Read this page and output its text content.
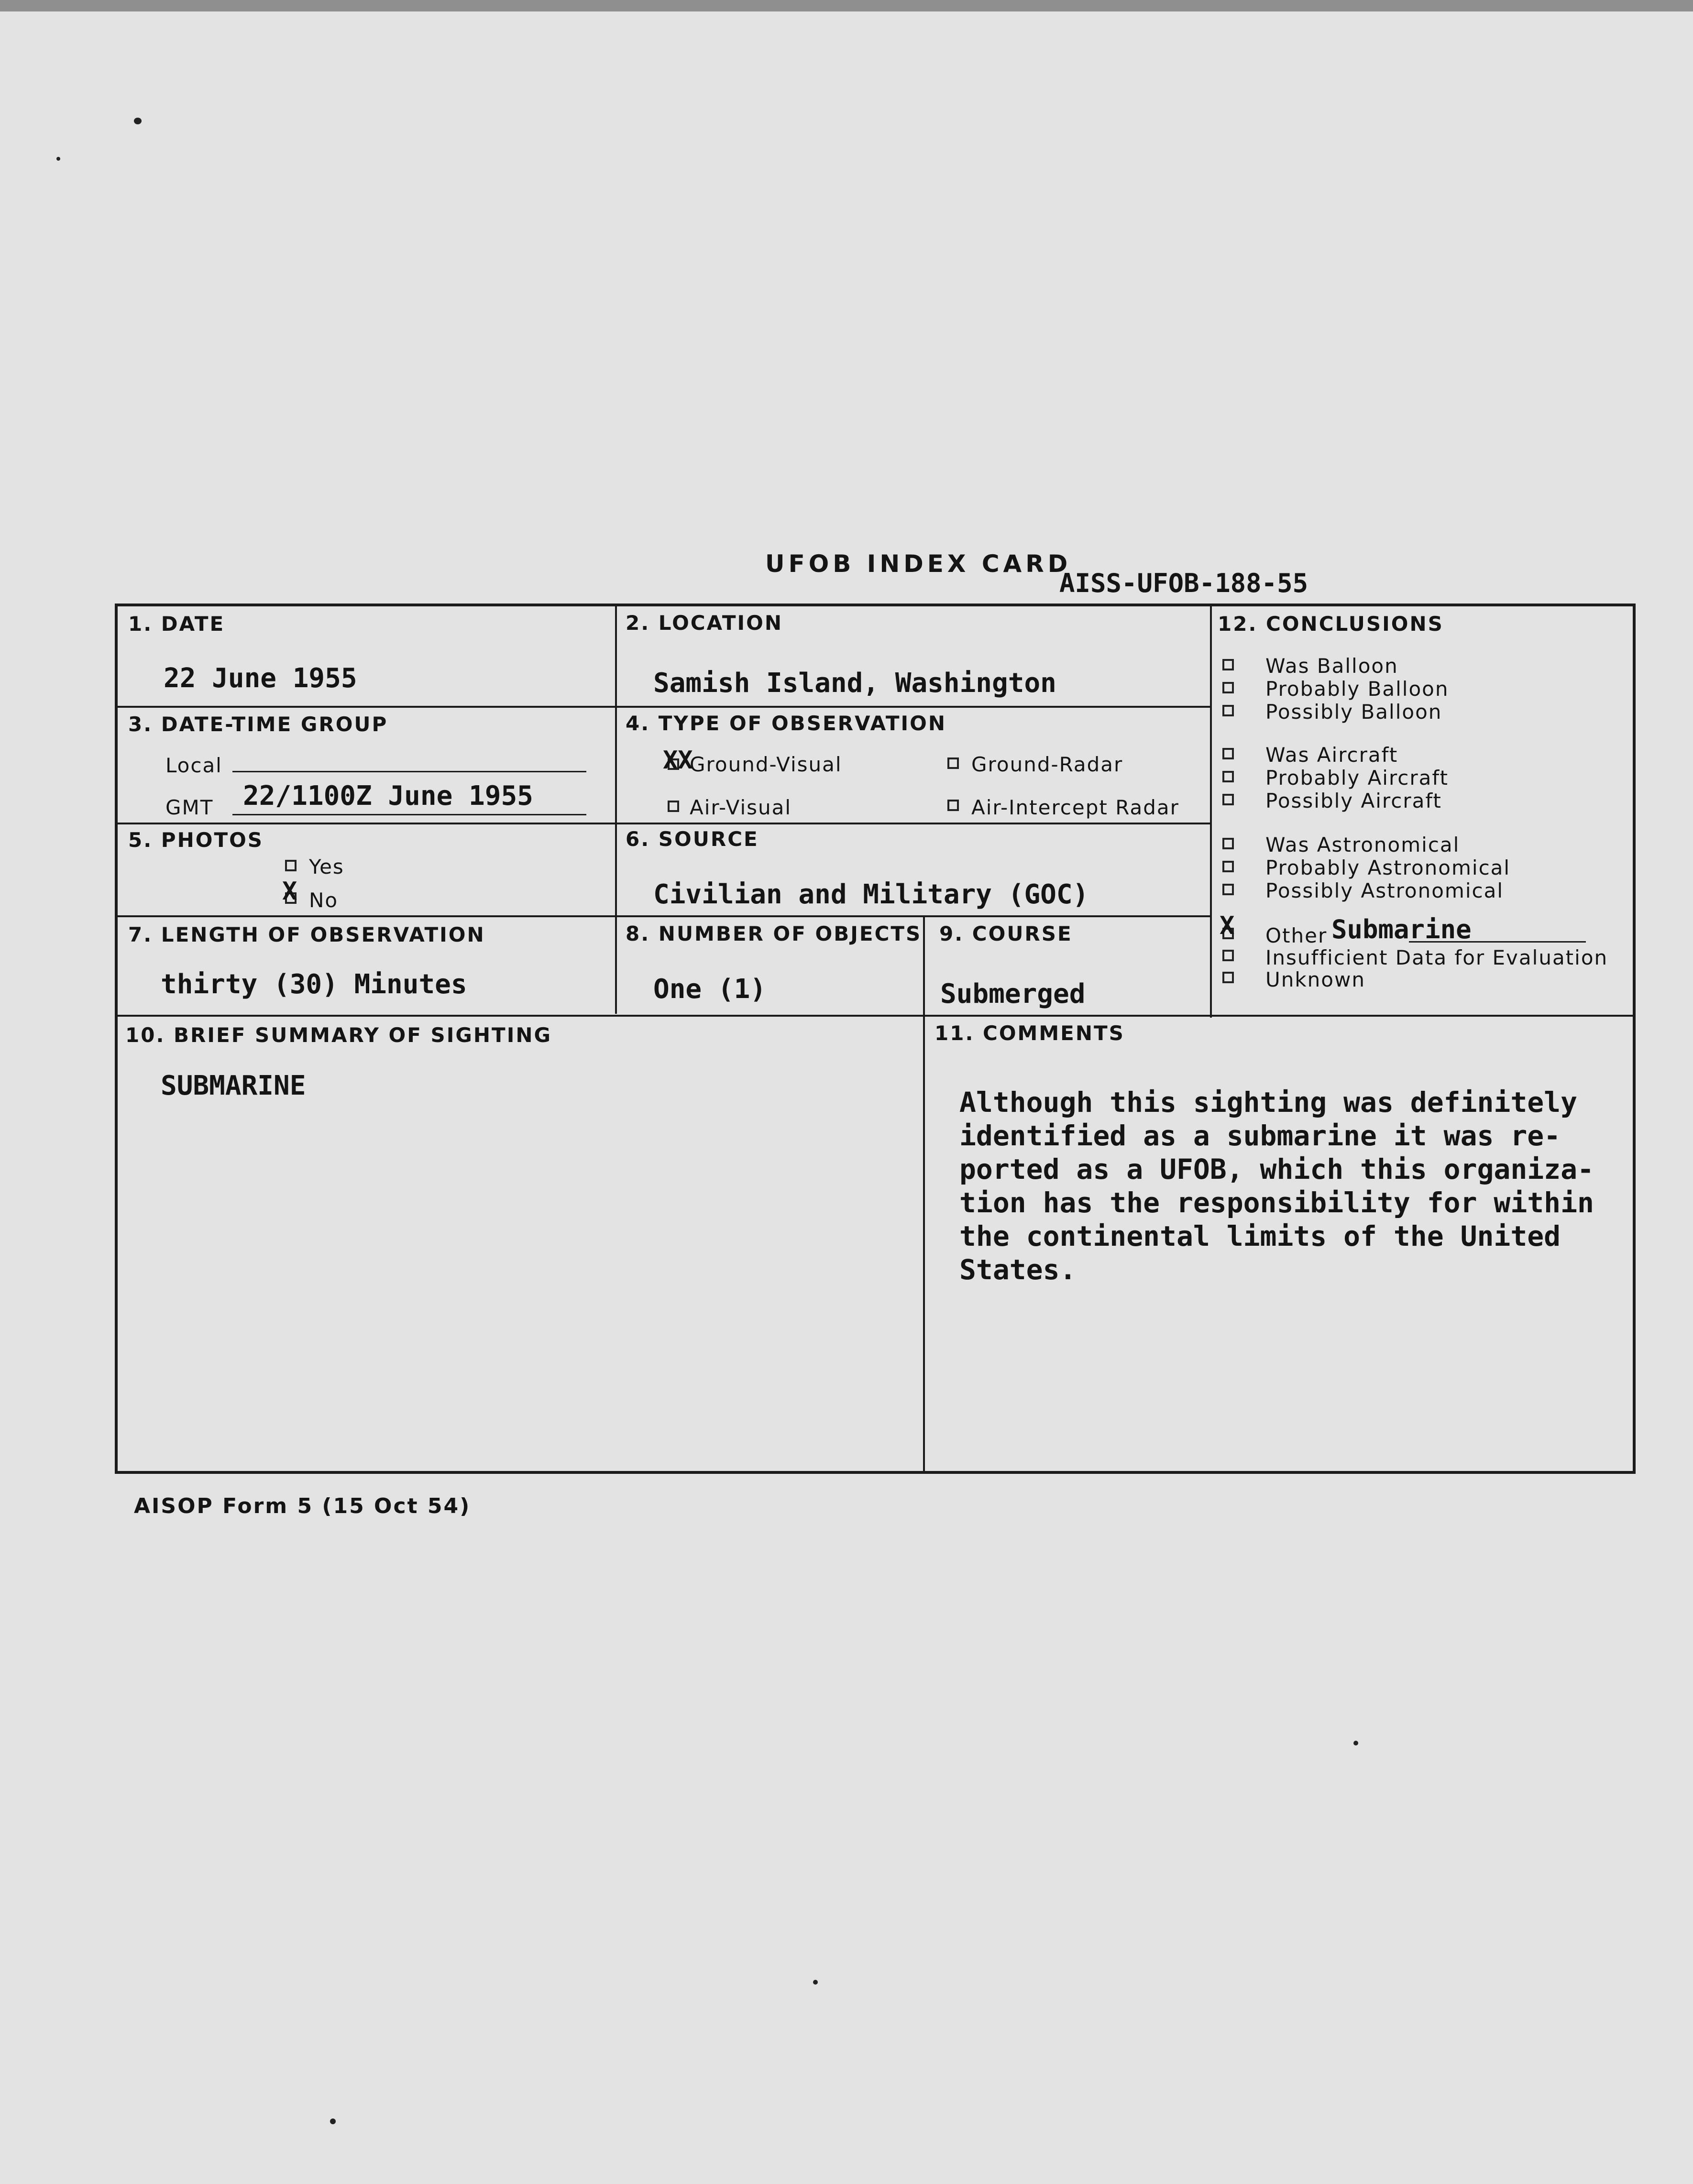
UFOB INDEX CARD
AISS-UFOB-188-55
1. DATE
22 June 1955
2. LOCATION
Samish Island, Washington
3. DATE-TIME GROUP
Local
GMT 22/1100Z June 1955
4. TYPE OF OBSERVATION
XX
Ground-Visual	Ground-Radar
Air-Visual	Air-Intercept Radar
5. PHOTOS
Yes
X No
6. SOURCE
Civilian and Military (GOC)
7. LENGTH OF OBSERVATION
thirty (30) Minutes
8. NUMBER OF OBJECTS
One (1)
9. COURSE
Submerged
10. BRIEF SUMMARY OF SIGHTING
SUBMARINE
11. COMMENTS
Although this sighting was definitely
identified as a submarine it was re-
ported as a UFOB, which this organiza-
tion has the responsibility for within
the continental limits of the United
States.
12. CONCLUSIONS
Was Balloon
Probably Balloon
Possibly Balloon
Was Aircraft
Probably Aircraft
Possibly Aircraft
Was Astronomical
Probably Astronomical
Possibly Astronomical
X Other Submarine
Insufficient Data for Evaluation
Unknown
AISOP Form 5 (15 Oct 54)
